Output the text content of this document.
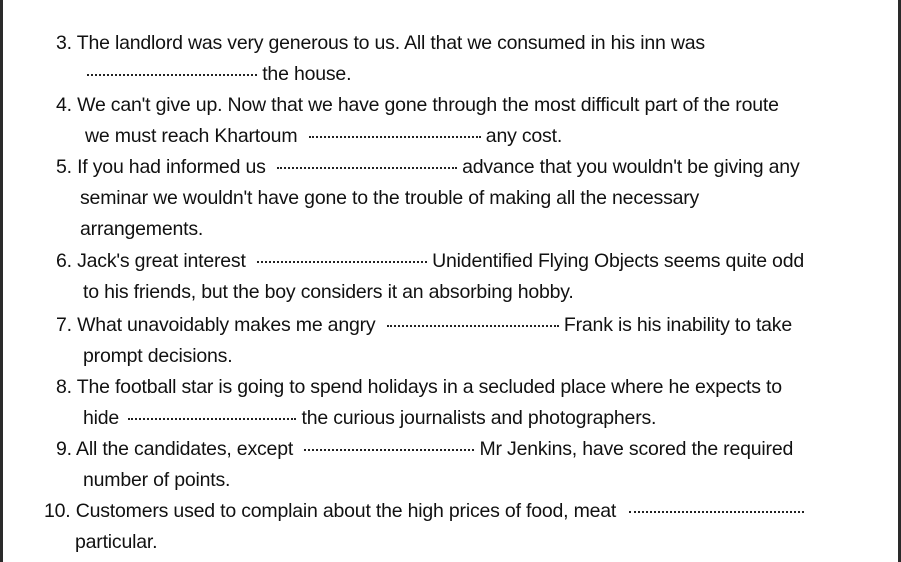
3. The landlord was very generous to us. All that we consumed in his inn was
the house.
4. We can't give up. Now that we have gone through the most difficult part of the route
we must reach Khartoum	any cost.
5. If you had informed us	advance that you wouldn't be giving any
seminar we wouldn't have gone to the trouble of making all the necessary
arrangements.
6. Jack's great interest	Unidentified Flying Objects seems quite odd
to his friends, but the boy considers it an absorbing hobby.
7. What unavoidably makes me angry	Frank is his inability to take
prompt decisions.
8. The football star is going to spend holidays in a secluded place where he expects to
hide	the curious journalists and photographers.
9. All the candidates, except	Mr Jenkins, have scored the required
number of points.
10. Customers used to complain about the high prices of food, meat
particular.
